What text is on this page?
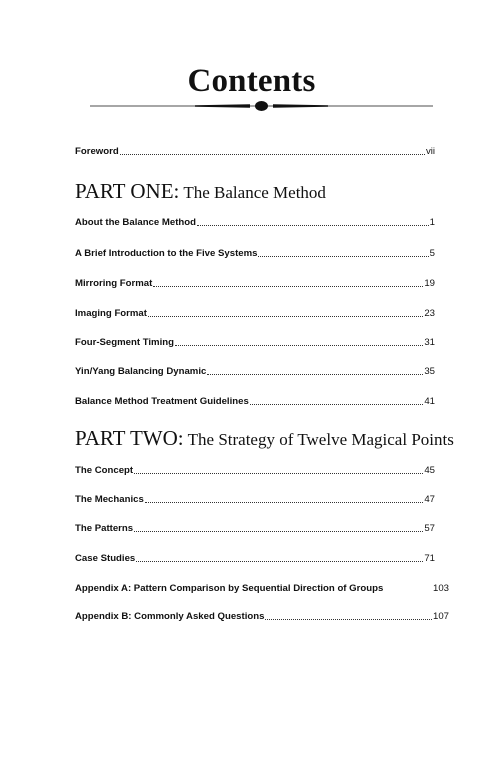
Contents
Foreword	vii
PART ONE: The Balance Method
About the Balance Method	1
A Brief Introduction to the Five Systems	5
Mirroring Format	19
Imaging Format	23
Four-Segment Timing	31
Yin/Yang Balancing Dynamic	35
Balance Method Treatment Guidelines	41
PART TWO: The Strategy of Twelve Magical Points
The Concept	45
The Mechanics	47
The Patterns	57
Case Studies	71
Appendix A: Pattern Comparison by Sequential Direction of Groups	103
Appendix B: Commonly Asked Questions	107
